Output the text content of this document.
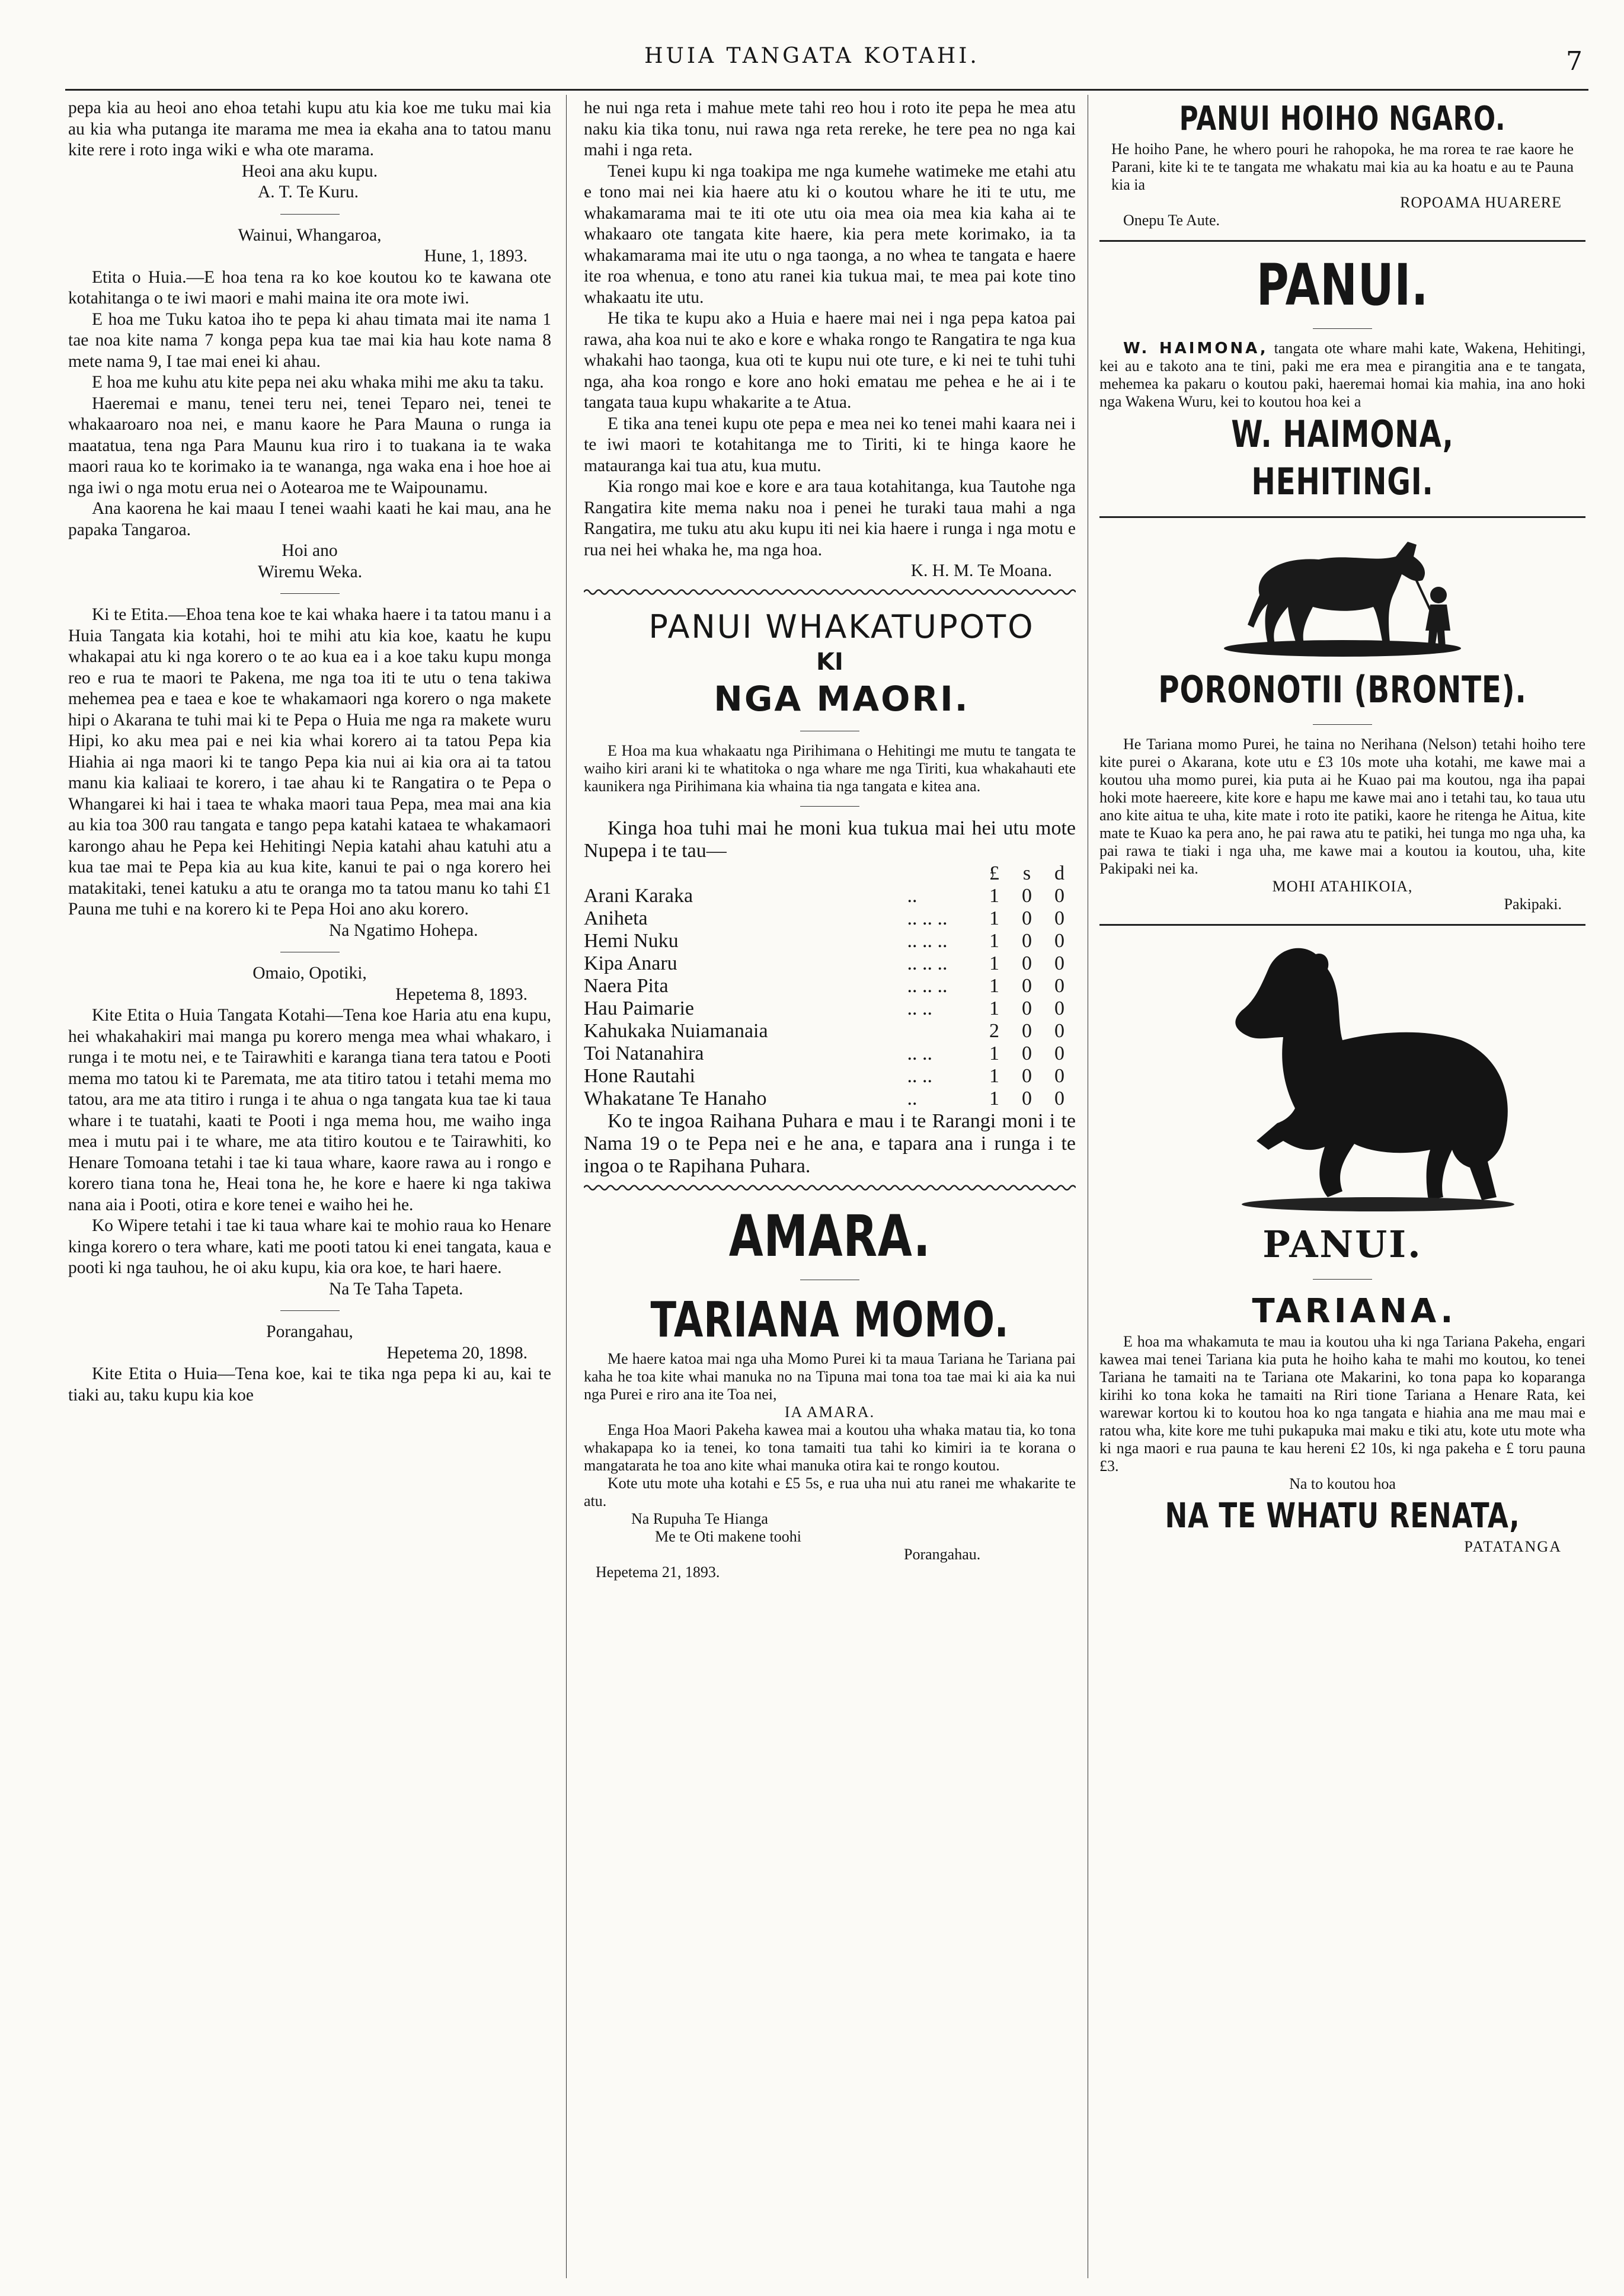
HUIA TANGATA KOTAHI.	7

pepa kia au heoi ano ehoa tetahi kupu atu kia koe me tuku mai kia au kia wha putanga ite marama me mea ia ekaha ana to tatou manu kite rere i roto inga wiki e wha ote marama.

Heoi ana aku kupu.

A. T. Te Kuru.

Wainui, Whangaroa,

Hune, 1, 1893.

Etita o Huia.—E hoa tena ra ko koe koutou ko te kawana ote kotahitanga o te iwi maori e mahi maina ite ora mote iwi.

E hoa me Tuku katoa iho te pepa ki ahau timata mai ite nama 1 tae noa kite nama 7 konga pepa kua tae mai kia hau kote nama 8 mete nama 9, I tae mai enei ki ahau.

E hoa me kuhu atu kite pepa nei aku whaka mihi me aku ta taku.

Haeremai e manu, tenei teru nei, tenei Teparo nei, tenei te whakaaroaro noa nei, e manu kaore he Para Mauna o runga ia maatatua, tena nga Para Maunu kua riro i to tuakana ia te waka maori raua ko te korimako ia te wananga, nga waka ena i hoe hoe ai nga iwi o nga motu erua nei o Aotearoa me te Waipounamu.

Ana kaorena he kai maau I tenei waahi kaati he kai mau, ana he papaka Tangaroa.

Hoi ano

Wiremu Weka.

Ki te Etita.—Ehoa tena koe te kai whaka haere i ta tatou manu i a Huia Tangata kia kotahi, hoi te mihi atu kia koe, kaatu he kupu whakapai atu ki nga korero o te ao kua ea i a koe taku kupu monga reo e rua te maori te Pakena, me nga toa iti te utu o tena takiwa mehemea pea e taea e koe te whakamaori nga korero o nga makete hipi o Akarana te tuhi mai ki te Pepa o Huia me nga ra makete wuru Hipi, ko aku mea pai e nei kia whai korero ai ta tatou Pepa kia Hiahia ai nga maori ki te tango Pepa kia nui ai kia ora ai ta tatou manu kia kaliaai te korero, i tae ahau ki te Rangatira o te Pepa o Whangarei ki hai i taea te whaka maori taua Pepa, mea mai ana kia au kia toa 300 rau tangata e tango pepa katahi kataea te whakamaori karongo ahau he Pepa kei Hehitingi Nepia katahi ahau katuhi atu a kua tae mai te Pepa kia au kua kite, kanui te pai o nga korero hei matakitaki, tenei katuku a atu te oranga mo ta tatou manu ko tahi £1 Pauna me tuhi e na korero ki te Pepa Hoi ano aku korero.

Na Ngatimo Hohepa.

Omaio, Opotiki,

Hepetema 8, 1893.

Kite Etita o Huia Tangata Kotahi—Tena koe Haria atu ena kupu, hei whakahakiri mai manga pu korero menga mea whai whakaro, i runga i te motu nei, e te Tairawhiti e karanga tiana tera tatou e Pooti mema mo tatou ki te Paremata, me ata titiro tatou i tetahi mema mo tatou, ara me ata titiro i runga i te ahua o nga tangata kua tae ki taua whare i te tuatahi, kaati te Pooti i nga mema hou, me waiho inga mea i mutu pai i te whare, me ata titiro koutou e te Tairawhiti, ko Henare Tomoana tetahi i tae ki taua whare, kaore rawa au i rongo e korero tiana tona he, Heai tona he, he kore e haere ki nga takiwa nana aia i Pooti, otira e kore tenei e waiho hei he.

Ko Wipere tetahi i tae ki taua whare kai te mohio raua ko Henare kinga korero o tera whare, kati me pooti tatou ki enei tangata, kaua e pooti ki nga tauhou, he oi aku kupu, kia ora koe, te hari haere.

Na Te Taha Tapeta.

Porangahau,

Hepetema 20, 1898.

Kite Etita o Huia—Tena koe, kai te tika nga pepa ki au, kai te tiaki au, taku kupu kia koe

he nui nga reta i mahue mete tahi reo hou i roto ite pepa he mea atu naku kia tika tonu, nui rawa nga reta rereke, he tere pea no nga kai mahi i nga reta.

Tenei kupu ki nga toakipa me nga kumehe watimeke me etahi atu e tono mai nei kia haere atu ki o koutou whare he iti te utu, me whakamarama mai te iti ote utu oia mea oia mea kia kaha ai te whakaaro ote tangata kite haere, kia pera mete korimako, ia ta whakamarama mai ite utu o nga taonga, a no whea te tangata e haere ite roa whenua, e tono atu ranei kia tukua mai, te mea pai kote tino whakaatu ite utu.

He tika te kupu ako a Huia e haere mai nei i nga pepa katoa pai rawa, aha koa nui te ako e kore e whaka rongo te Rangatira te nga kua whakahi hao taonga, kua oti te kupu nui ote ture, e ki nei te tuhi tuhi nga, aha koa rongo e kore ano hoki ematau me pehea e he ai i te tangata taua kupu whakarite a te Atua.

E tika ana tenei kupu ote pepa e mea nei ko tenei mahi kaara nei i te iwi maori te kotahitanga me to Tiriti, ki te hinga kaore he matauranga kai tua atu, kua mutu.

Kia rongo mai koe e kore e ara taua kotahitanga, kua Tautohe nga Rangatira kite mema naku noa i penei he turaki taua mahi a nga Rangatira, me tuku atu aku kupu iti nei kia haere i runga i nga motu e rua nei hei whaka he, ma nga hoa.

K. H. M. Te Moana.

PANUI WHAKATUPOTO

KI

NGA MAORI.

E Hoa ma kua whakaatu nga Pirihimana o Hehitingi me mutu te tangata te waiho kiri arani ki te whatitoka o nga whare me nga Tiriti, kua whakahauti ete kaunikera nga Pirihimana kia whaina tia nga tangata e kitea ana.

Kinga hoa tuhi mai he moni kua tukua mai hei utu mote Nupepa i te tau—

		£	s	d
Arani Karaka	..	1	0	0
Aniheta	.. .. ..	1	0	0
Hemi Nuku	.. .. ..	1	0	0
Kipa Anaru	.. .. ..	1	0	0
Naera Pita	.. .. ..	1	0	0
Hau Paimarie	.. ..	1	0	0
Kahukaka Nuiamanaia		2	0	0
Toi Natanahira	.. ..	1	0	0
Hone Rautahi	.. ..	1	0	0
Whakatane Te Hanaho	..	1	0	0

Ko te ingoa Raihana Puhara e mau i te Rarangi moni i te Nama 19 o te Pepa nei e he ana, e tapara ana i runga i te ingoa o te Rapihana Puhara.

AMARA.

TARIANA MOMO.

Me haere katoa mai nga uha Momo Purei ki ta maua Tariana he Tariana pai kaha he toa kite whai manuka no na Tipuna mai tona toa tae mai ki aia ka nui nga Purei e riro ana ite Toa nei,

IA AMARA.

Enga Hoa Maori Pakeha kawea mai a koutou uha whaka matau tia, ko tona whakapapa ko ia tenei, ko tona tamaiti tua tahi ko kimiri ia te korana o mangatarata he toa ano kite whai manuka otira kai te rongo koutou.

Kote utu mote uha kotahi e £5 5s, e rua uha nui atu ranei me whakarite te atu.

Na Rupuha Te Hianga

Me te Oti makene toohi

Porangahau.

Hepetema 21, 1893.

PANUI HOIHO NGARO.

He hoiho Pane, he whero pouri he rahopoka, he ma rorea te rae kaore he Parani, kite ki te te tangata me whakatu mai kia au ka hoatu e au te Pauna kia ia

ROPOAMA HUARERE

Onepu Te Aute.

PANUI.

W. HAIMONA, tangata ote whare mahi kate, Wakena, Hehitingi, kei au e takoto ana te tini, paki me era mea e pirangitia ana e te tangata, mehemea ka pakaru o koutou paki, haeremai homai kia mahia, ina ano hoki nga Wakena Wuru, kei to koutou hoa kei a

W. HAIMONA, HEHITINGI.

PORONOTII (BRONTE).

He Tariana momo Purei, he taina no Nerihana (Nelson) tetahi hoiho tere kite purei o Akarana, kote utu e £3 10s mote uha kotahi, me kawe mai a koutou uha momo purei, kia puta ai he Kuao pai ma koutou, nga iha papai hoki mote haereere, kite kore e hapu me kawe mai ano i tetahi tau, ko taua utu ano kite aitua te uha, kite mate i roto ite patiki, kaore he ritenga he Aitua, kite mate te Kuao ka pera ano, he pai rawa atu te patiki, hei tunga mo nga uha, ka pai rawa te tiaki i nga uha, me kawe mai a koutou ia koutou, uha, kite Pakipaki nei ka.

MOHI ATAHIKOIA,

Pakipaki.

PANUI.

TARIANA.

E hoa ma whakamuta te mau ia koutou uha ki nga Tariana Pakeha, engari kawea mai tenei Tariana kia puta he hoiho kaha te mahi mo koutou, ko tenei Tariana he tamaiti na te Tariana ote Makarini, ko tona papa ko koparanga kirihi ko tona koka he tamaiti na Riri tione Tariana a Henare Rata, kei warewar kortou ki to koutou hoa ko nga tangata e hiahia ana me mau mai e ratou wha, kite kore me tuhi pukapuka mai maku e tiki atu, kote utu mote wha ki nga maori e rua pauna te kau hereni £2 10s, ki nga pakeha e £ toru pauna £3.

Na to koutou hoa

NA TE WHATU RENATA,

PATATANGA
